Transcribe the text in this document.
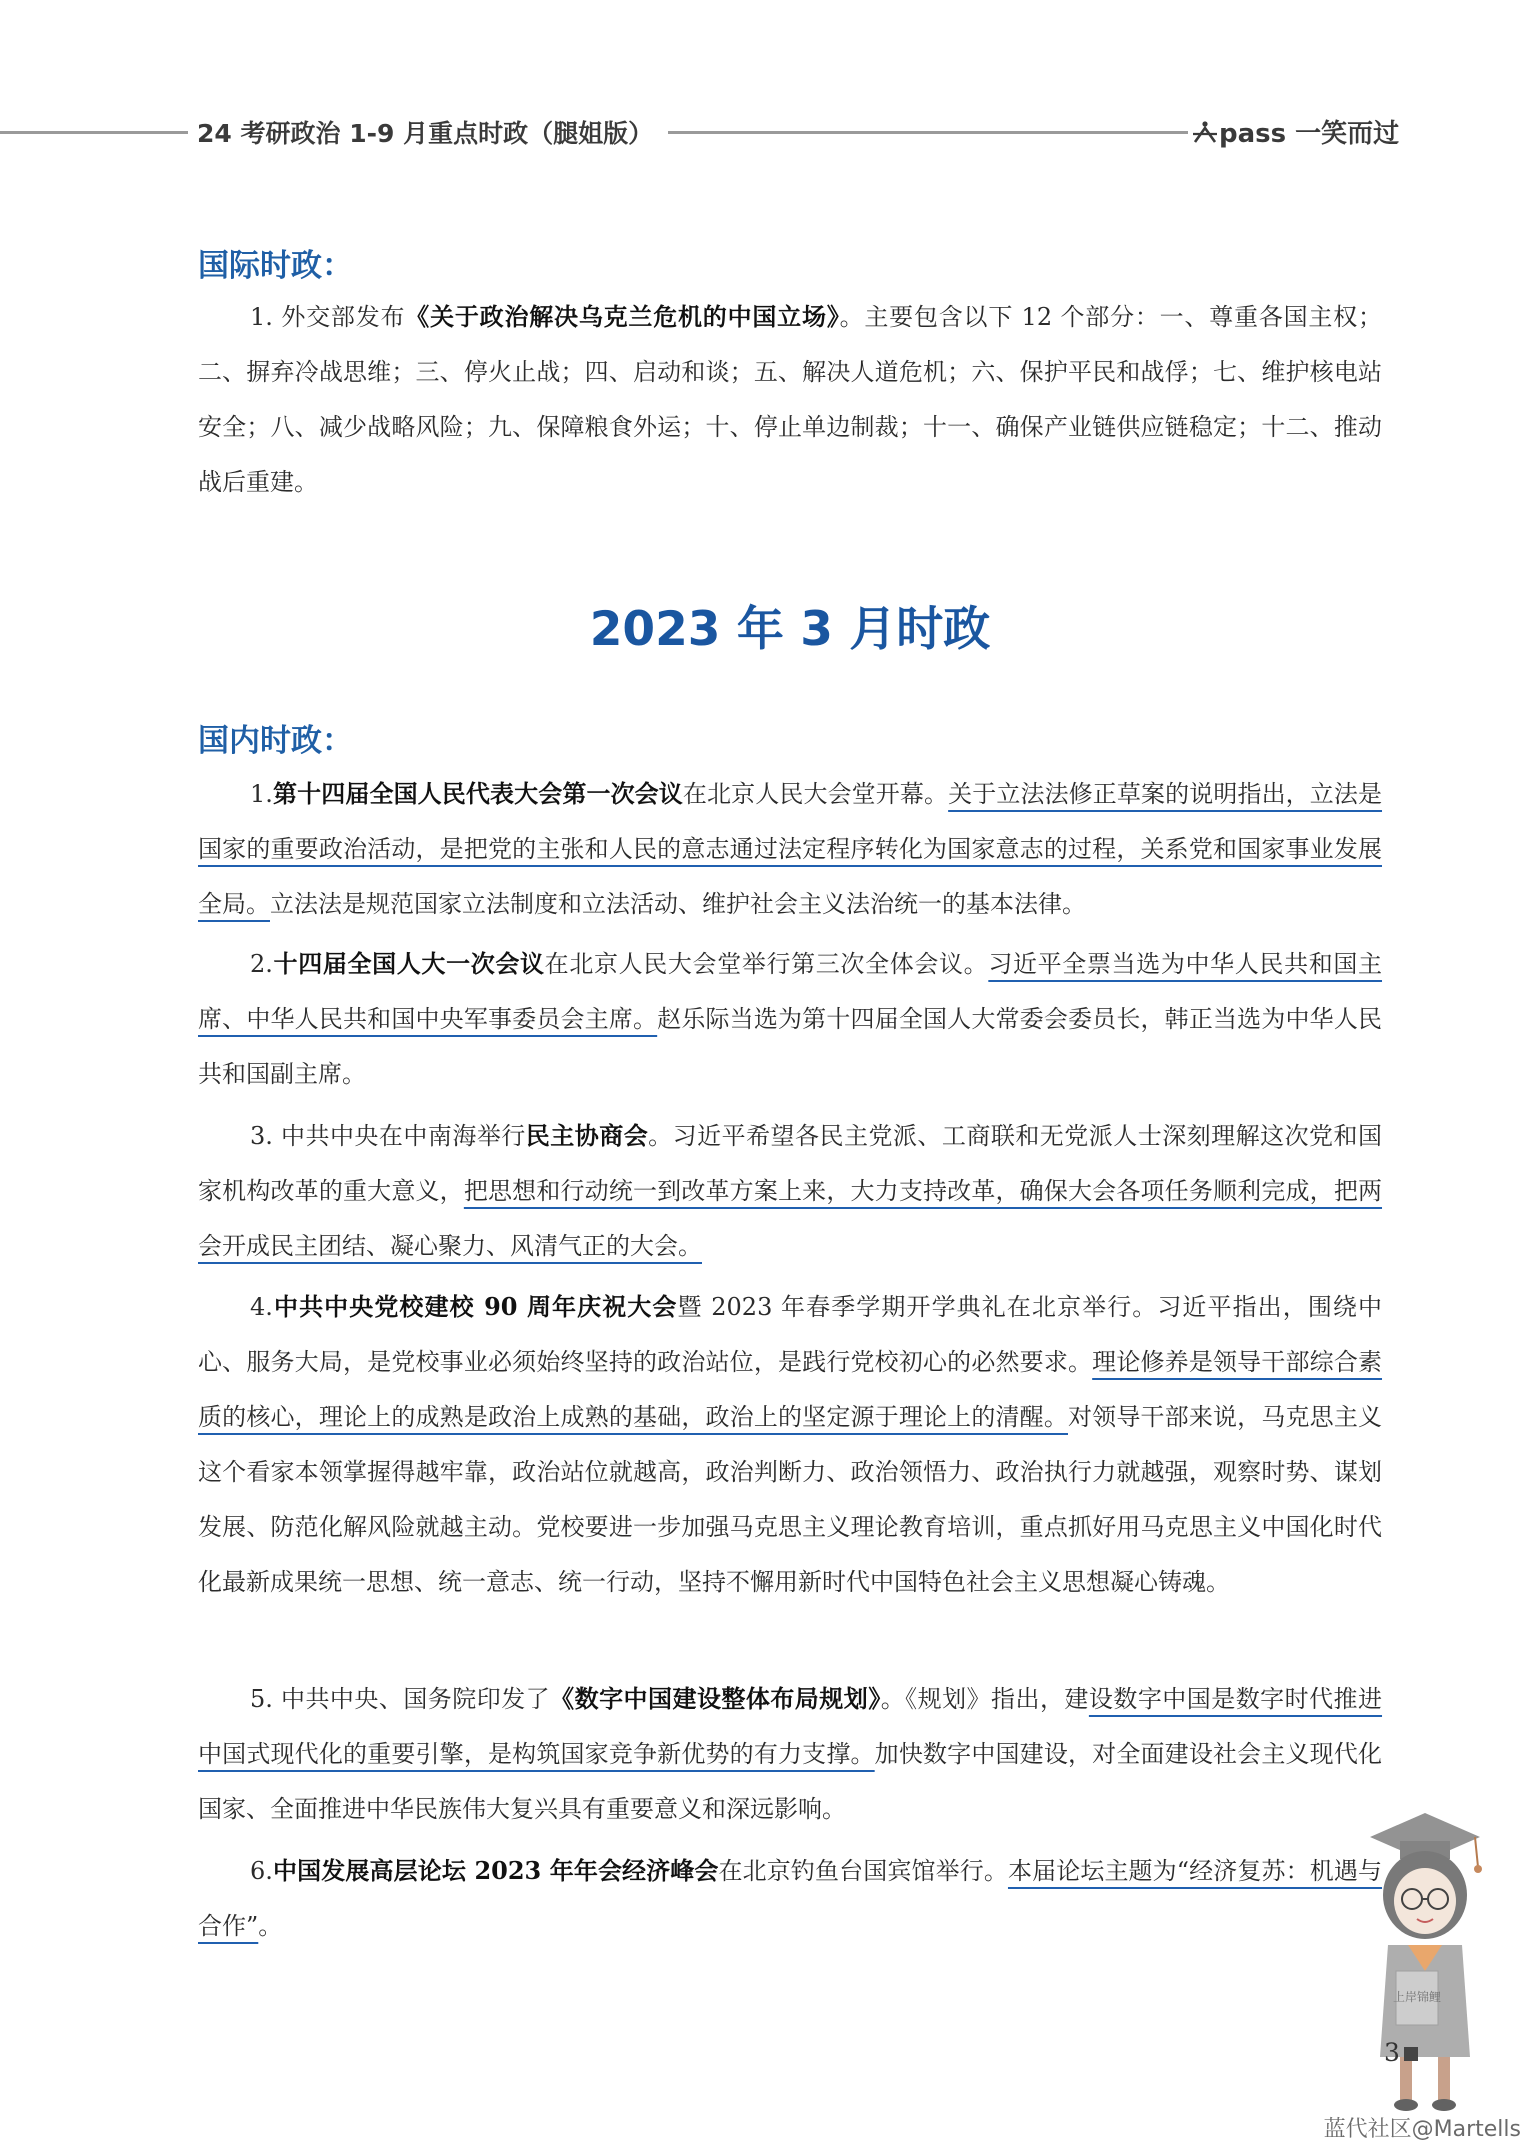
24 考研政治 1-9 月重点时政（腿姐版）	pass 一笑而过
国际时政：

1. 外交部发布《关于政治解决乌克兰危机的中国立场》。主要包含以下 12 个部分：一、尊重各国主权；二、摒弃冷战思维；三、停火止战；四、启动和谈；五、解决人道危机；六、保护平民和战俘；七、维护核电站安全；八、减少战略风险；九、保障粮食外运；十、停止单边制裁；十一、确保产业链供应链稳定；十二、推动战后重建。

2023 年 3 月时政
国内时政：

1.第十四届全国人民代表大会第一次会议在北京人民大会堂开幕。关于立法法修正草案的说明指出，立法是国家的重要政治活动，是把党的主张和人民的意志通过法定程序转化为国家意志的过程，关系党和国家事业发展全局。立法法是规范国家立法制度和立法活动、维护社会主义法治统一的基本法律。

2.十四届全国人大一次会议在北京人民大会堂举行第三次全体会议。习近平全票当选为中华人民共和国主席、中华人民共和国中央军事委员会主席。赵乐际当选为第十四届全国人大常委会委员长，韩正当选为中华人民共和国副主席。

3. 中共中央在中南海举行民主协商会。习近平希望各民主党派、工商联和无党派人士深刻理解这次党和国家机构改革的重大意义，把思想和行动统一到改革方案上来，大力支持改革，确保大会各项任务顺利完成，把两会开成民主团结、凝心聚力、风清气正的大会。

4.中共中央党校建校 90 周年庆祝大会暨 2023 年春季学期开学典礼在北京举行。习近平指出，围绕中心、服务大局，是党校事业必须始终坚持的政治站位，是践行党校初心的必然要求。理论修养是领导干部综合素质的核心，理论上的成熟是政治上成熟的基础，政治上的坚定源于理论上的清醒。对领导干部来说，马克思主义这个看家本领掌握得越牢靠，政治站位就越高，政治判断力、政治领悟力、政治执行力就越强，观察时势、谋划发展、防范化解风险就越主动。党校要进一步加强马克思主义理论教育培训，重点抓好用马克思主义中国化时代化最新成果统一思想、统一意志、统一行动，坚持不懈用新时代中国特色社会主义思想凝心铸魂。

5. 中共中央、国务院印发了《数字中国建设整体布局规划》。《规划》指出，建设数字中国是数字时代推进中国式现代化的重要引擎，是构筑国家竞争新优势的有力支撑。加快数字中国建设，对全面建设社会主义现代化国家、全面推进中华民族伟大复兴具有重要意义和深远影响。

6.中国发展高层论坛 2023 年年会经济峰会在北京钓鱼台国宾馆举行。本届论坛主题为“经济复苏：机遇与合作”。

上岸锦鲤
3
蓝代社区@Martells
